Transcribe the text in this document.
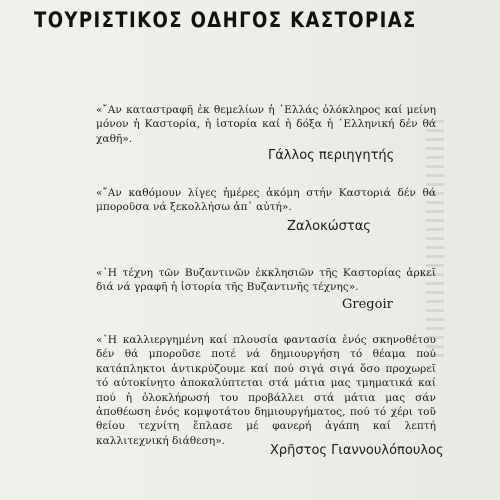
ΤΟΥΡΙΣΤΙΚΟΣ ΟΔΗΓΟΣ ΚΑΣΤΟΡΙΑΣ

«῎Αν καταστραφῆ ἐκ θεμελίων ἡ ῾Ελλάς ὁλόκληρος καί μείνη μόνον ἡ Καστορία, ἡ ἱστορία καί ἡ δόξα ἡ ῾Ελληνική δέν θά χαθῆ».

Γάλλος περιηγητής

«῎Αν καθόμουν λίγες ἡμέρες ἀκόμη στήν Καστοριά δέν θά μποροῦσα νά ξεκολλήσω ἀπ᾿ αὐτή».

Ζαλοκώστας

«῾Η τέχνη τῶν Βυζαντινῶν ἐκκλησιῶν τῆς Καστορίας ἀρκεῖ διά νά γραφῆ ἡ ἱστορία τῆς Βυζαντινῆς τέχνης».

Gregoir

«῾Η καλλιεργημένη καί πλουσία φαντασία ἑνός σκηνοθέτου δέν θά μποροῦσε ποτέ νά δημιουργήση τό θέαμα πού κατάπληκτοι ἀντικρύζουμε καί πού σιγά σιγά ὅσο προχωρεῖ τό αὐτοκίνητο ἀποκαλύπτεται στά μάτια μας τμηματικά καί πού ἡ ὁλοκλήρωσή του προβάλλει στά μάτια μας σάν ἀποθέωση ἑνός κομψοτάτου δημιουργήματος, πού τό χέρι τοῦ θείου τεχνίτη ἔπλασε μέ φανερή ἀγάπη καί λεπτή καλλιτεχνική διάθεση».

Χρῆστος Γιαννουλόπουλος
